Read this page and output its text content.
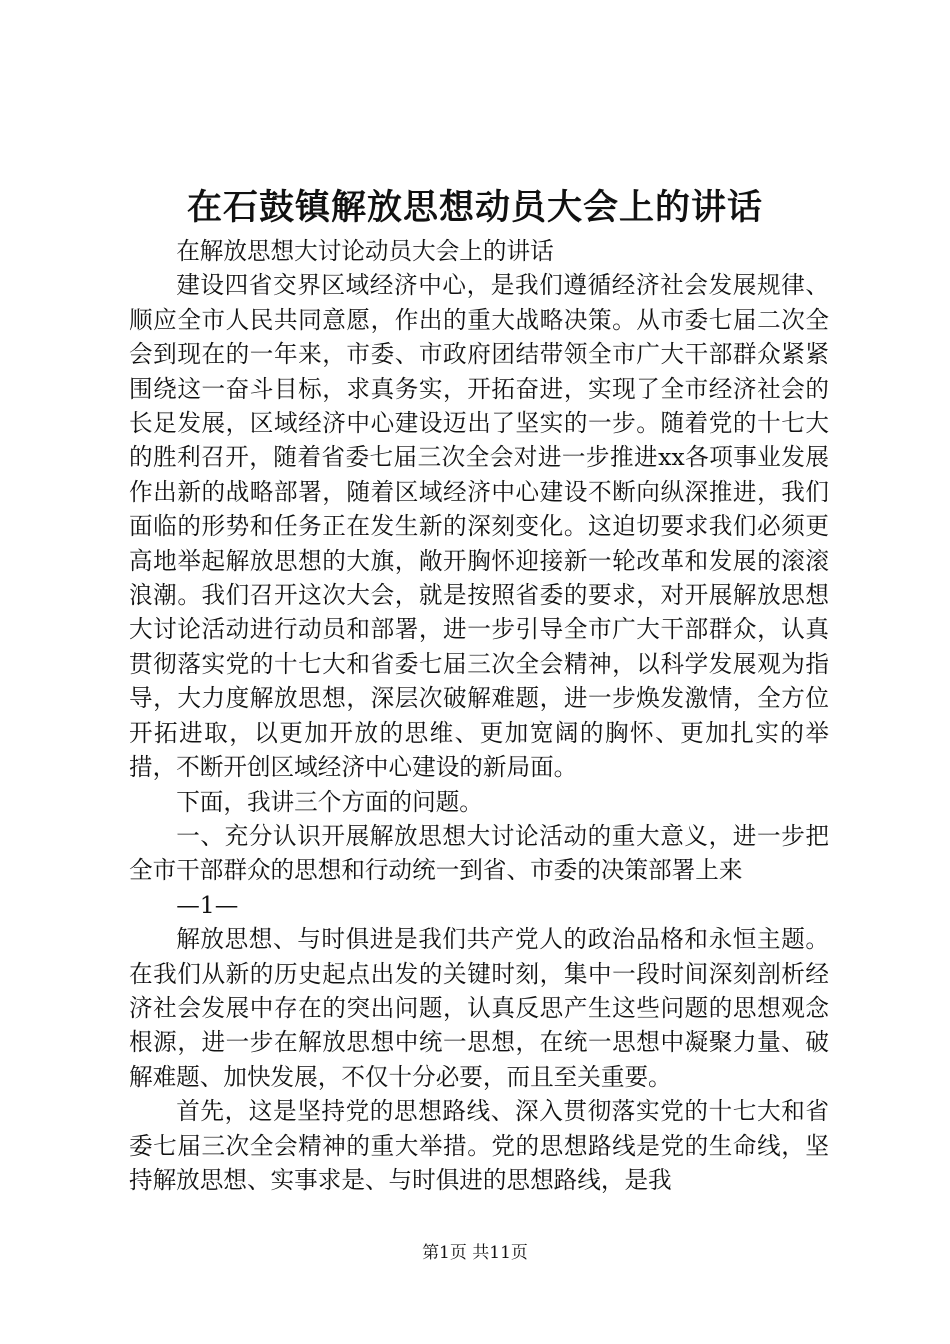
在石鼓镇解放思想动员大会上的讲话

在解放思想大讨论动员大会上的讲话

建设四省交界区域经济中心，是我们遵循经济社会发展规律、顺应全市人民共同意愿，作出的重大战略决策。从市委七届二次全会到现在的一年来，市委、市政府团结带领全市广大干部群众紧紧围绕这一奋斗目标，求真务实，开拓奋进，实现了全市经济社会的长足发展，区域经济中心建设迈出了坚实的一步。随着党的十七大的胜利召开，随着省委七届三次全会对进一步推进xx各项事业发展作出新的战略部署，随着区域经济中心建设不断向纵深推进，我们面临的形势和任务正在发生新的深刻变化。这迫切要求我们必须更高地举起解放思想的大旗，敞开胸怀迎接新一轮改革和发展的滚滚浪潮。我们召开这次大会，就是按照省委的要求，对开展解放思想大讨论活动进行动员和部署，进一步引导全市广大干部群众，认真贯彻落实党的十七大和省委七届三次全会精神，以科学发展观为指导，大力度解放思想，深层次破解难题，进一步焕发激情，全方位开拓进取，以更加开放的思维、更加宽阔的胸怀、更加扎实的举措，不断开创区域经济中心建设的新局面。

下面，我讲三个方面的问题。

一、充分认识开展解放思想大讨论活动的重大意义，进一步把全市干部群众的思想和行动统一到省、市委的决策部署上来

—1—

解放思想、与时俱进是我们共产党人的政治品格和永恒主题。在我们从新的历史起点出发的关键时刻，集中一段时间深刻剖析经济社会发展中存在的突出问题，认真反思产生这些问题的思想观念根源，进一步在解放思想中统一思想，在统一思想中凝聚力量、破解难题、加快发展，不仅十分必要，而且至关重要。

首先，这是坚持党的思想路线、深入贯彻落实党的十七大和省委七届三次全会精神的重大举措。党的思想路线是党的生命线，坚持解放思想、实事求是、与时俱进的思想路线，是我

第1页 共11页
